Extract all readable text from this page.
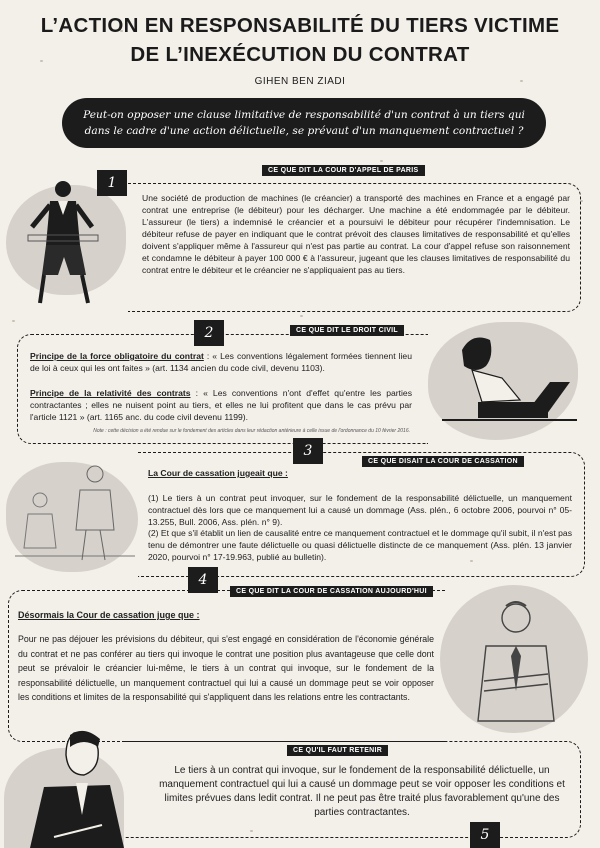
L’ACTION EN RESPONSABILITÉ DU TIERS VICTIME
DE L’INEXÉCUTION DU CONTRAT
GIHEN BEN ZIADI
Peut-on opposer une clause limitative de responsabilité d'un contrat à un tiers qui dans le cadre d'une action délictuelle, se prévaut d'un manquement contractuel ?
1
CE QUE DIT LA COUR D'APPEL DE PARIS
Une société de production de machines (le créancier) a transporté des machines en France et a engagé par contrat une entreprise (le débiteur) pour les décharger. Une machine a été endommagée par le débiteur. L'assureur (le tiers) a indemnisé le créancier et a poursuivi le débiteur pour récupérer l'indemnisation. Le débiteur refuse de payer en indiquant que le contrat prévoit des clauses limitatives de responsabilité et qu'elles doivent s'appliquer même à l'assureur qui n'est pas partie au contrat. La cour d'appel refuse son raisonnement et condamne le débiteur à payer 100 000 € à l'assureur, jugeant que les clauses limitatives de responsabilité du contrat entre le débiteur et le créancier ne s'appliquaient pas au tiers.
2	CE QUE DIT LE DROIT CIVIL
Principe de la force obligatoire du contrat : « Les conventions légalement formées tiennent lieu de loi à ceux qui les ont faites » (art. 1134 ancien du code civil, devenu 1103).
Principe de la relativité des contrats : « Les conventions n'ont d'effet qu'entre les parties contractantes ; elles ne nuisent point au tiers, et elles ne lui profitent que dans le cas prévu par l'article 1121 » (art. 1165 anc. du code civil devenu 1199).
Note : cette décision a été rendue sur le fondement des articles dans leur rédaction antérieure à celle issue de l'ordonnance du 10 février 2016.
3
CE QUE DISAIT LA COUR DE CASSATION
La Cour de cassation jugeait que :
(1) Le tiers à un contrat peut invoquer, sur le fondement de la responsabilité délictuelle, un manquement contractuel dès lors que ce manquement lui a causé un dommage (Ass. plén., 6 octobre 2006, pourvoi n° 05-13.255, Bull. 2006, Ass. plén. n° 9).
(2) Et que s'il établit un lien de causalité entre ce manquement contractuel et le dommage qu'il subit, il n'est pas tenu de démontrer une faute délictuelle ou quasi délictuelle distincte de ce manquement (Ass. plén. 13 janvier 2020, pourvoi n° 17-19.963, publié au bulletin).
4
CE QUE DIT LA COUR DE CASSATION AUJOURD'HUI
Désormais la Cour de cassation juge que :
Pour ne pas déjouer les prévisions du débiteur, qui s'est engagé en considération de l'économie générale du contrat et ne pas conférer au tiers qui invoque le contrat une position plus avantageuse que celle dont peut se prévaloir le créancier lui-même, le tiers à un contrat qui invoque, sur le fondement de la responsabilité délictuelle, un manquement contractuel qui lui a causé un dommage peut se voir opposer les conditions et limites de la responsabilité qui s'appliquent dans les relations entre les contractants.
CE QU'IL FAUT RETENIR
Le tiers à un contrat qui invoque, sur le fondement de la responsabilité délictuelle, un manquement contractuel qui lui a causé un dommage peut se voir opposer les conditions et limites prévues dans ledit contrat. Il ne peut pas être traité plus favorablement qu'une des parties contractantes.
5
